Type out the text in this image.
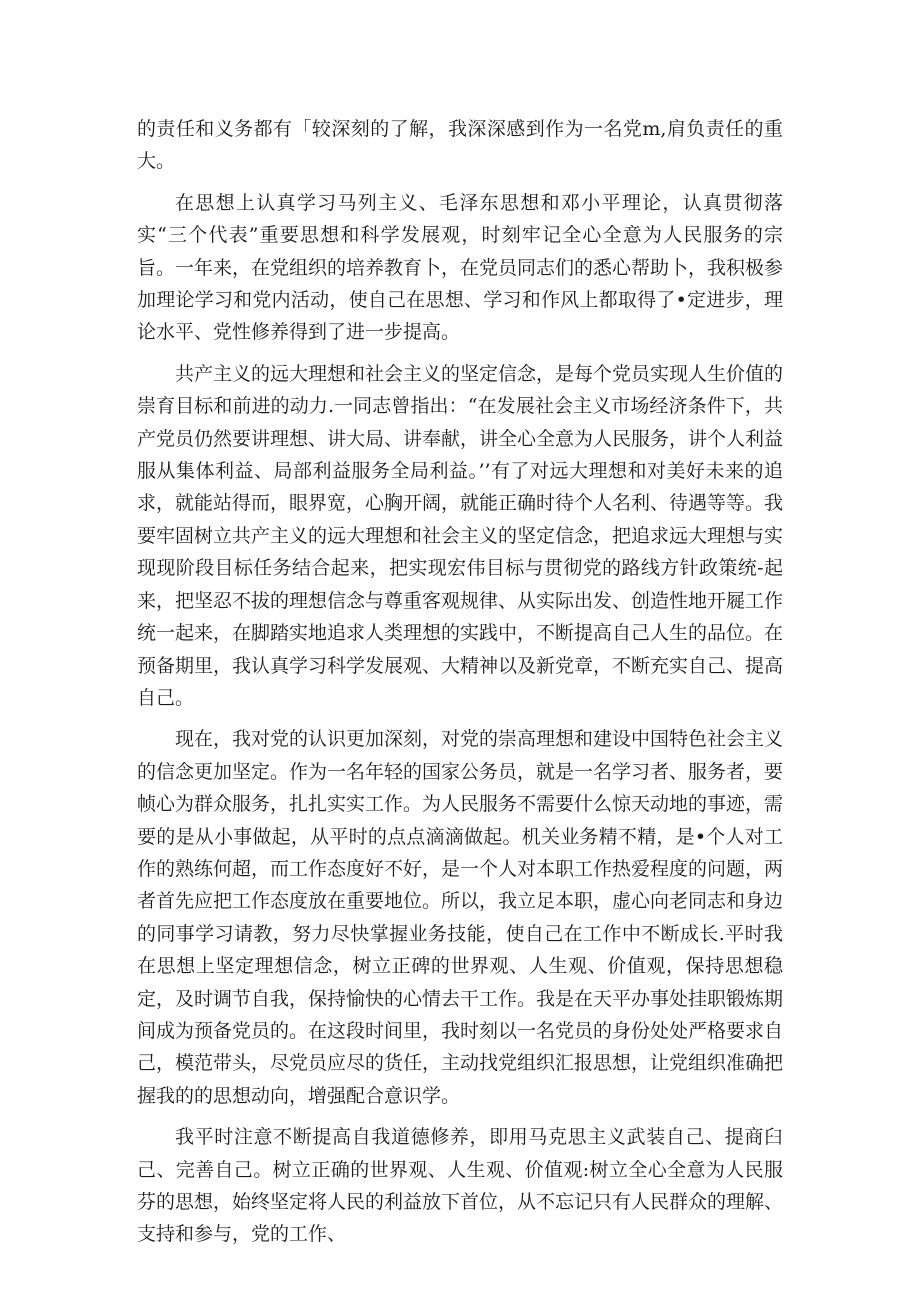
的责任和义务都有「较深刻的了解，我深深感到作为一名党m,肩负责任的重大。

在思想上认真学习马列主义、毛泽东思想和邓小平理论，认真贯彻落实“三个代表”重要思想和科学发展观，时刻牢记全心全意为人民服务的宗旨。一年来，在党组织的培养教育卜，在党员同志们的悉心帮助卜，我积极参加理论学习和党内活动，使自己在思想、学习和作风上都取得了•定进步，理论水平、党性修养得到了进一步提高。

共产主义的远大理想和社会主义的坚定信念，是每个党员实现人生价值的崇育目标和前进的动力.一同志曾指出：“在发展社会主义市场经济条件下，共产党员仍然要讲理想、讲大局、讲奉献，讲全心全意为人民服务，讲个人利益服从集体利益、局部利益服务全局利益。’’有了对远大理想和对美好未来的追求，就能站得而，眼界宽，心胸开阔，就能正确时待个人名利、待遇等等。我要牢固树立共产主义的远大理想和社会主义的坚定信念，把追求远大理想与实现现阶段目标任务结合起来，把实现宏伟目标与贯彻党的路线方针政策统-起来，把坚忍不拔的理想信念与尊重客观规律、从实际出发、创造性地开屣工作统一起来，在脚踏实地追求人类理想的实践中，不断提高自己人生的品位。在预备期里，我认真学习科学发展观、大精神以及新党章，不断充实自己、提高自己。

现在，我对党的认识更加深刻，对党的崇高理想和建设中国特色社会主义的信念更加坚定。作为一名年轻的国家公务员，就是一名学习者、服务者，要帧心为群众服务，扎扎实实工作。为人民服务不需要什么惊天动地的事迹，需要的是从小事做起，从平时的点点滴滴做起。机关业务精不精，是•个人对工作的熟练何超，而工作态度好不好，是一个人对本职工作热爱程度的问题，两者首先应把工作态度放在重要地位。所以，我立足本职，虚心向老同志和身边的同事学习请教，努力尽快掌握业务技能，使自己在工作中不断成长.平时我在思想上坚定理想信念，树立正碑的世界观、人生观、价值观，保持思想稳定，及时调节自我，保持愉快的心情去干工作。我是在天平办事处挂职锻炼期间成为预备党员的。在这段时间里，我时刻以一名党员的身份处处严格要求自己，模范带头，尽党员应尽的货任，主动找党组织汇报思想，让党组织准确把握我的的思想动向，增强配合意识学。

我平时注意不断提高自我道德修养，即用马克思主义武装自己、提商臼己、完善自己。树立正确的世界观、人生观、价值观:树立全心全意为人民服芬的思想，始终坚定将人民的利益放下首位，从不忘记只有人民群众的理解、支持和参与，党的工作、
